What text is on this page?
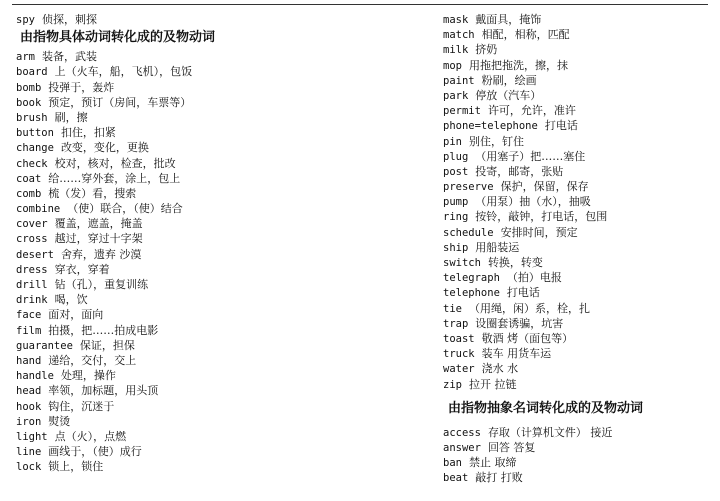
spy 侦探，刺探
由指物具体动词转化成的及物动词
arm 装备，武装
board 上（火车，船，飞机），包饭
bomb 投弹于，轰炸
book 预定，预订（房间，车票等）
brush 刷，擦
button 扣住，扣紧
change 改变，变化，更换
check 校对，核对，检查，批改
coat 给……穿外套，涂上，包上
comb 梳（发）看，搜索
combine （使）联合，（使）结合
cover 覆盖，遮盖，掩盖
cross 越过，穿过十字架
desert 舍弃，遗弃 沙漠
dress 穿衣，穿着
drill 钻（孔），重复训练
drink 喝，饮
face 面对，面向
film 拍摄，把……拍成电影
guarantee 保证，担保
hand 递给，交付，交上
handle 处理，操作
head 率领，加标题，用头顶
hook 钩住，沉迷于
iron 熨烫
light 点（火），点燃
line 画线于，（使）成行
lock 锁上，锁住
mask 戴面具，掩饰
match 相配，相称，匹配
milk 挤奶
mop 用拖把拖洗，擦，抹
paint 粉刷，绘画
park 停放（汽车）
permit 许可，允许，准许
phone=telephone 打电话
pin 别住，钉住
plug （用塞子）把……塞住
post 投寄，邮寄，张贴
preserve 保护，保留，保存
pump （用泵）抽（水），抽吸
ring 按铃，敲钟，打电话，包围
schedule 安排时间，预定
ship 用船装运
switch 转换，转变
telegraph （拍）电报
telephone 打电话
tie （用绳，闲）系，栓，扎
trap 设圈套诱骗，坑害
toast 敬酒 烤（面包等）
truck 装车 用货车运
water 浇水 水
zip 拉开 拉链
由指物抽象名词转化成的及物动词
access 存取（计算机文件） 接近
answer 回答 答复
ban 禁止 取缔
beat 敲打 打败
